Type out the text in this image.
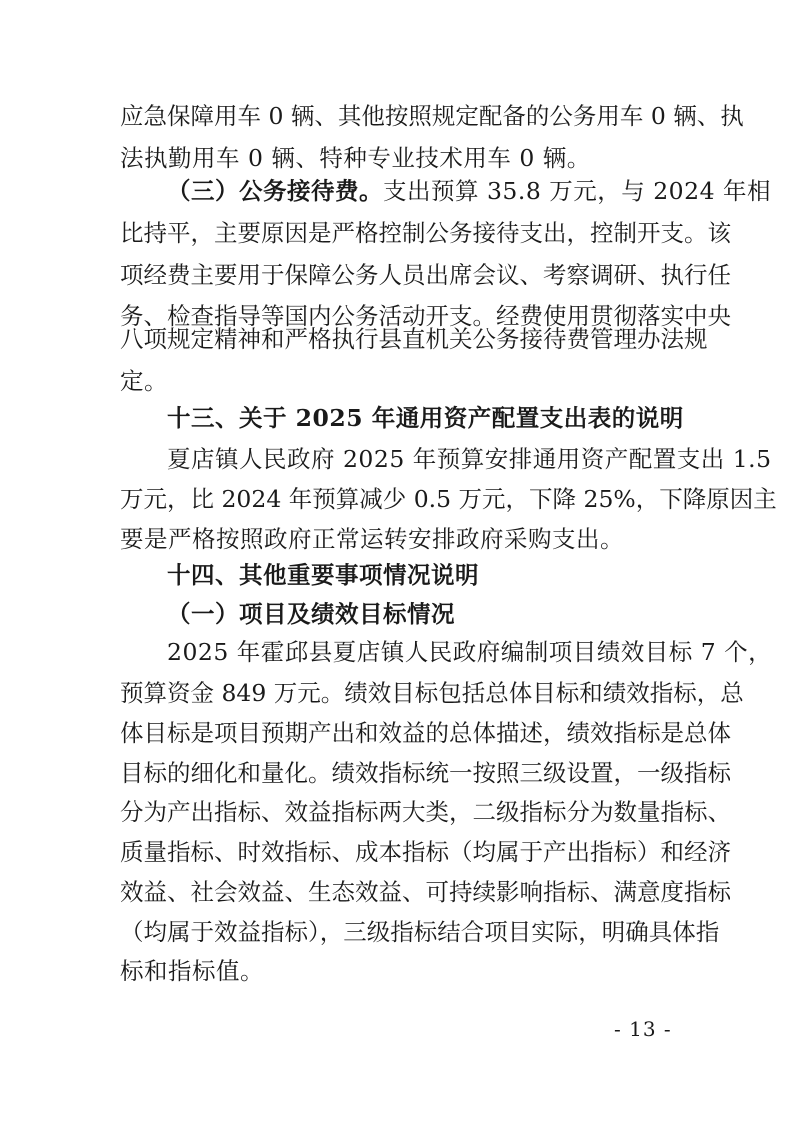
应急保障用车 0 辆、其他按照规定配备的公务用车 0 辆、执
法执勤用车 0 辆、特种专业技术用车 0 辆。
（三）公务接待费。支出预算 35.8 万元，与 2024 年相
比持平，主要原因是严格控制公务接待支出，控制开支。该
项经费主要用于保障公务人员出席会议、考察调研、执行任
务、检查指导等国内公务活动开支。经费使用贯彻落实中央
八项规定精神和严格执行县直机关公务接待费管理办法规
定。
十三、关于 2025 年通用资产配置支出表的说明
夏店镇人民政府 2025 年预算安排通用资产配置支出 1.5
万元，比 2024 年预算减少 0.5 万元，下降 25%，下降原因主
要是严格按照政府正常运转安排政府采购支出。
十四、其他重要事项情况说明
（一）项目及绩效目标情况
2025 年霍邱县夏店镇人民政府编制项目绩效目标 7 个，
预算资金 849 万元。绩效目标包括总体目标和绩效指标，总
体目标是项目预期产出和效益的总体描述，绩效指标是总体
目标的细化和量化。绩效指标统一按照三级设置，一级指标
分为产出指标、效益指标两大类，二级指标分为数量指标、
质量指标、时效指标、成本指标（均属于产出指标）和经济
效益、社会效益、生态效益、可持续影响指标、满意度指标
（均属于效益指标），三级指标结合项目实际，明确具体指
标和指标值。
- 13 -
